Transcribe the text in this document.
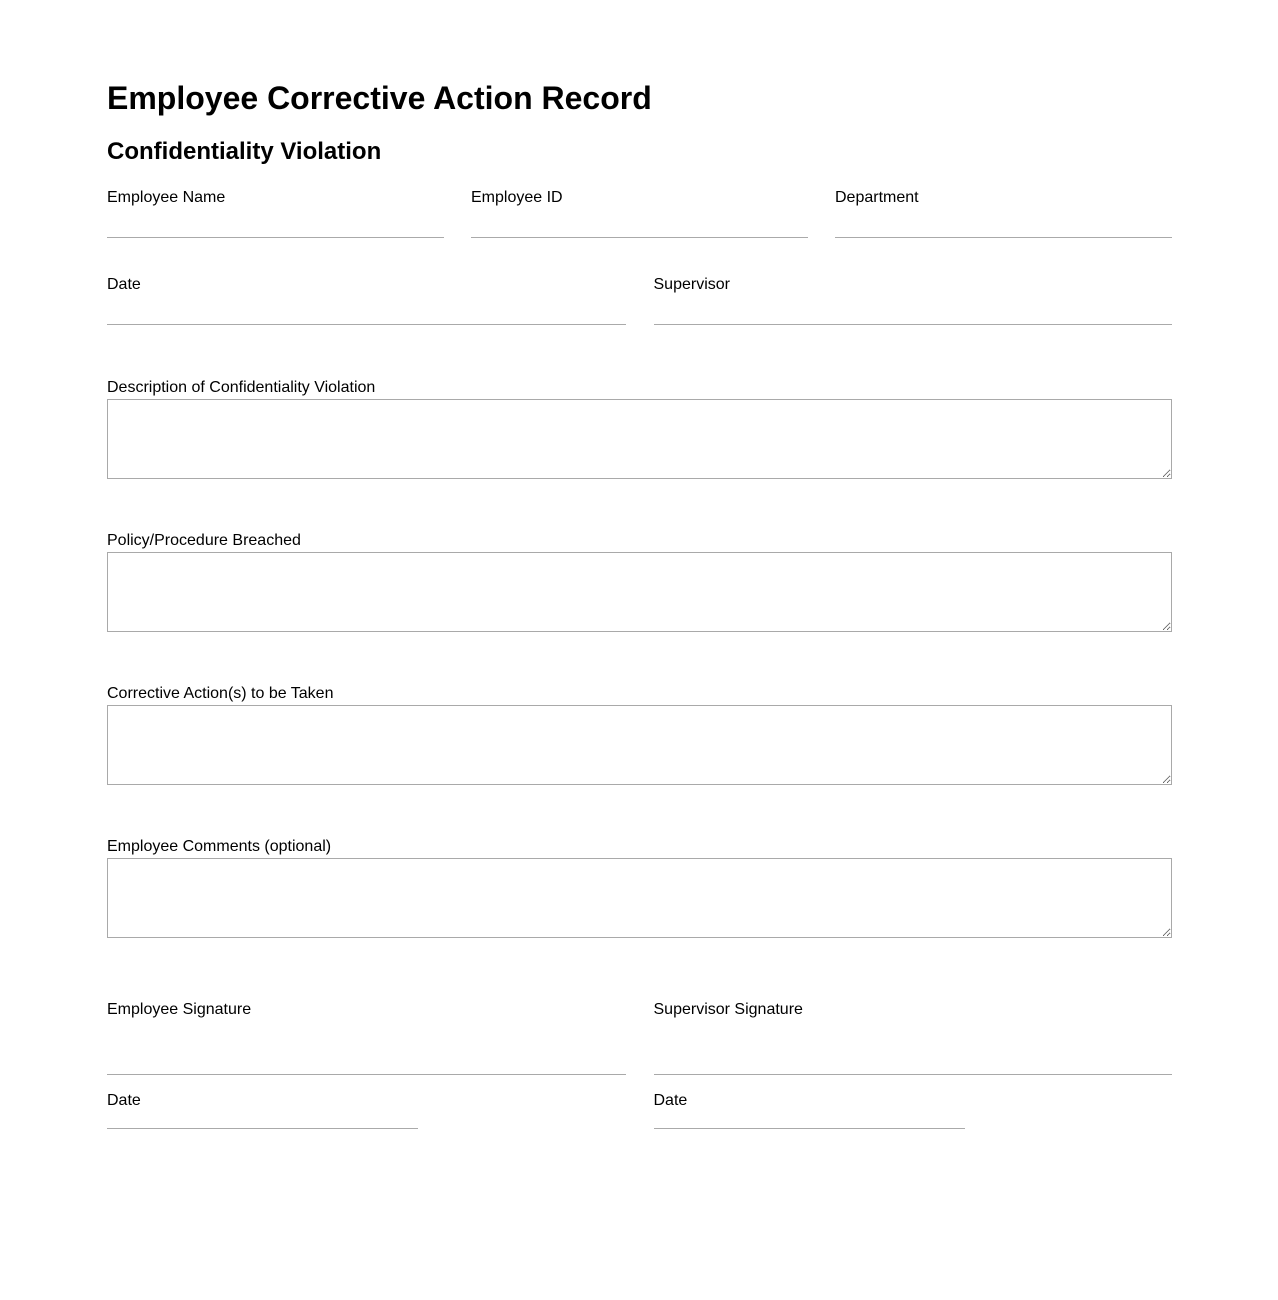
Employee Corrective Action Record
Confidentiality Violation
Employee Name	Employee ID	Department
Date	Supervisor
Description of Confidentiality Violation
Policy/Procedure Breached
Corrective Action(s) to be Taken
Employee Comments (optional)
Employee Signature
Date
Supervisor Signature
Date
